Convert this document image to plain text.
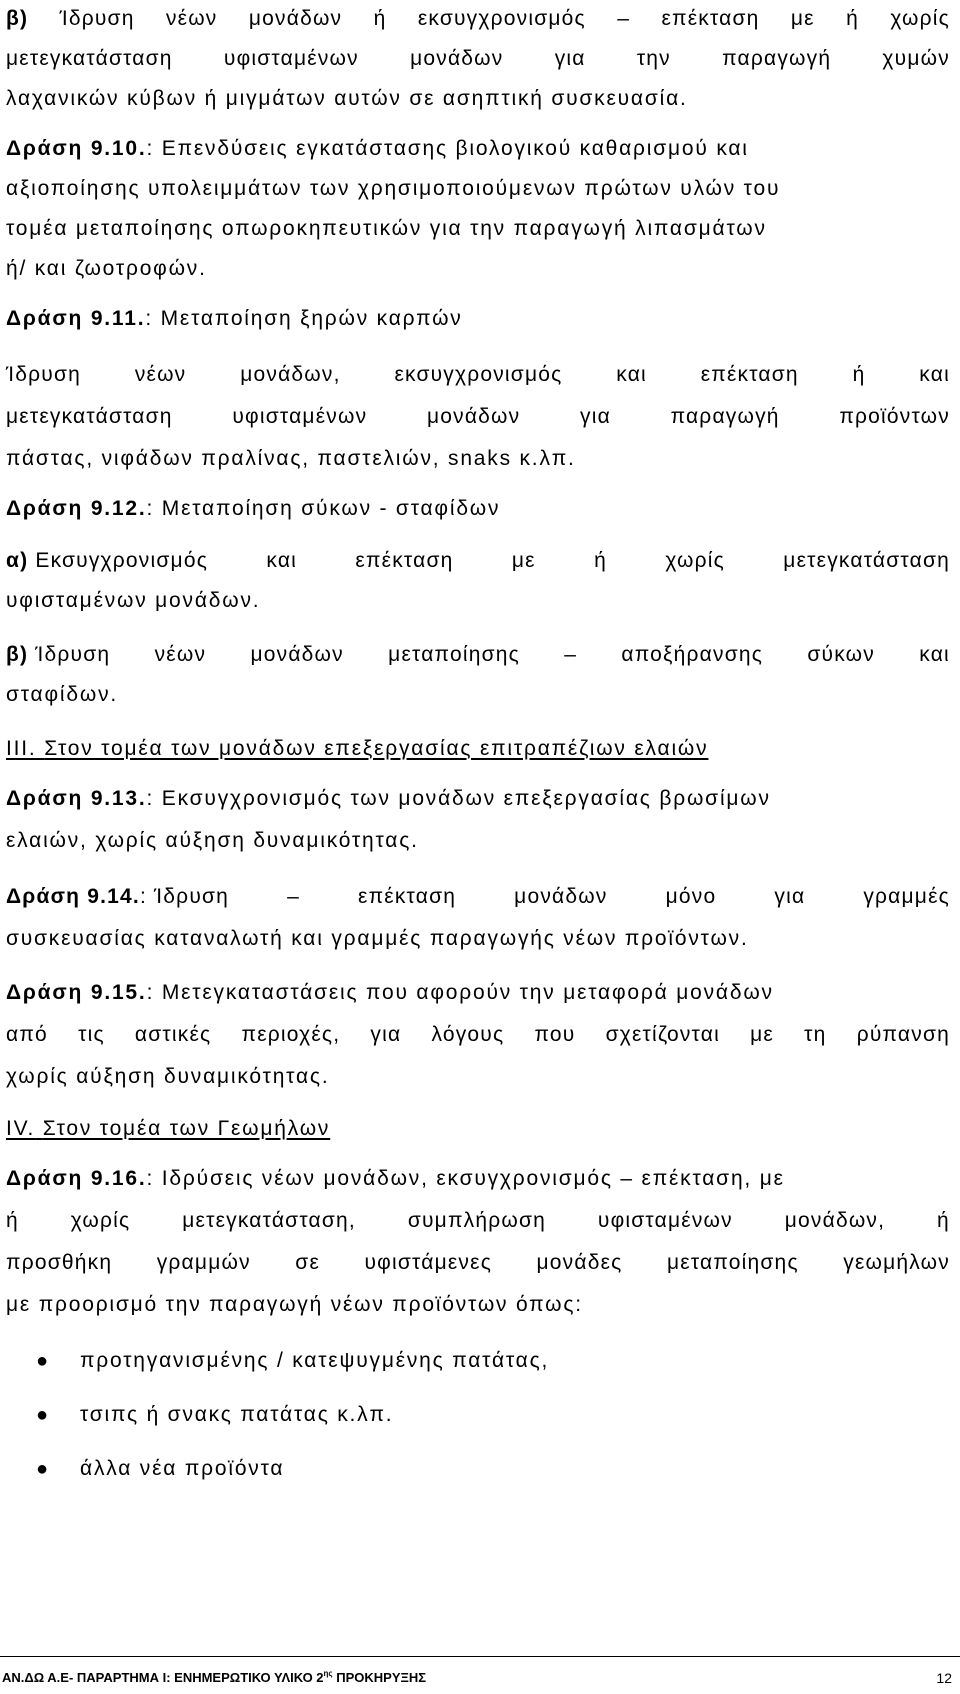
β) Ίδρυση νέων μονάδων ή εκσυγχρονισμός – επέκταση με ή χωρίς
μετεγκατάσταση υφισταμένων μονάδων για την παραγωγή χυμών
λαχανικών κύβων ή μιγμάτων αυτών σε ασηπτική συσκευασία.
Δράση 9.10.: Επενδύσεις εγκατάστασης βιολογικού καθαρισμού και
αξιοποίησης υπολειμμάτων των χρησιμοποιούμενων πρώτων υλών του
τομέα μεταποίησης οπωροκηπευτικών για την παραγωγή λιπασμάτων
ή/ και ζωοτροφών.
Δράση 9.11.: Μεταποίηση ξηρών καρπών
Ίδρυση	νέων	μονάδων,	εκσυγχρονισμός	και	επέκταση	ή	και
μετεγκατάσταση	υφισταμένων	μονάδων	για	παραγωγή	προϊόντων
πάστας, νιφάδων πραλίνας, παστελιών, snaks κ.λπ.
Δράση 9.12.: Μεταποίηση σύκων - σταφίδων
α) Εκσυγχρονισμός	και	επέκταση	με	ή	χωρίς	μετεγκατάσταση
υφισταμένων μονάδων.
β) Ίδρυση νέων μονάδων μεταποίησης – αποξήρανσης σύκων και
σταφίδων.
ΙΙΙ. Στον τομέα των μονάδων επεξεργασίας επιτραπέζιων ελαιών
Δράση 9.13.: Εκσυγχρονισμός των μονάδων επεξεργασίας βρωσίμων
ελαιών, χωρίς αύξηση δυναμικότητας.
Δράση 9.14.: Ίδρυση	–	επέκταση	μονάδων	μόνο	για	γραμμές
συσκευασίας καταναλωτή και γραμμές παραγωγής νέων προϊόντων.
Δράση 9.15.: Μετεγκαταστάσεις που αφορούν την μεταφορά μονάδων
από τις αστικές περιοχές, για λόγους που σχετίζονται με τη ρύπανση
χωρίς αύξηση δυναμικότητας.
IV. Στον τομέα των Γεωμήλων
Δράση 9.16.: Ιδρύσεις νέων μονάδων, εκσυγχρονισμός – επέκταση, με
ή χωρίς μετεγκατάσταση, συμπλήρωση υφισταμένων μονάδων, ή
προσθήκη γραμμών σε υφιστάμενες μονάδες μεταποίησης γεωμήλων
με προορισμό την παραγωγή νέων προϊόντων όπως:
● προτηγανισμένης / κατεψυγμένης πατάτας,
● τσιπς ή σνακς πατάτας κ.λπ.
● άλλα νέα προϊόντα
ΑΝ.ΔΩ Α.Ε- ΠΑΡΑΡΤΗΜΑ Ι: ΕΝΗΜΕΡΩΤΙΚΟ ΥΛΙΚΟ $2^{\eta\varsigma}$ ΠΡΟΚΗΡΥΞΗΣ	12
